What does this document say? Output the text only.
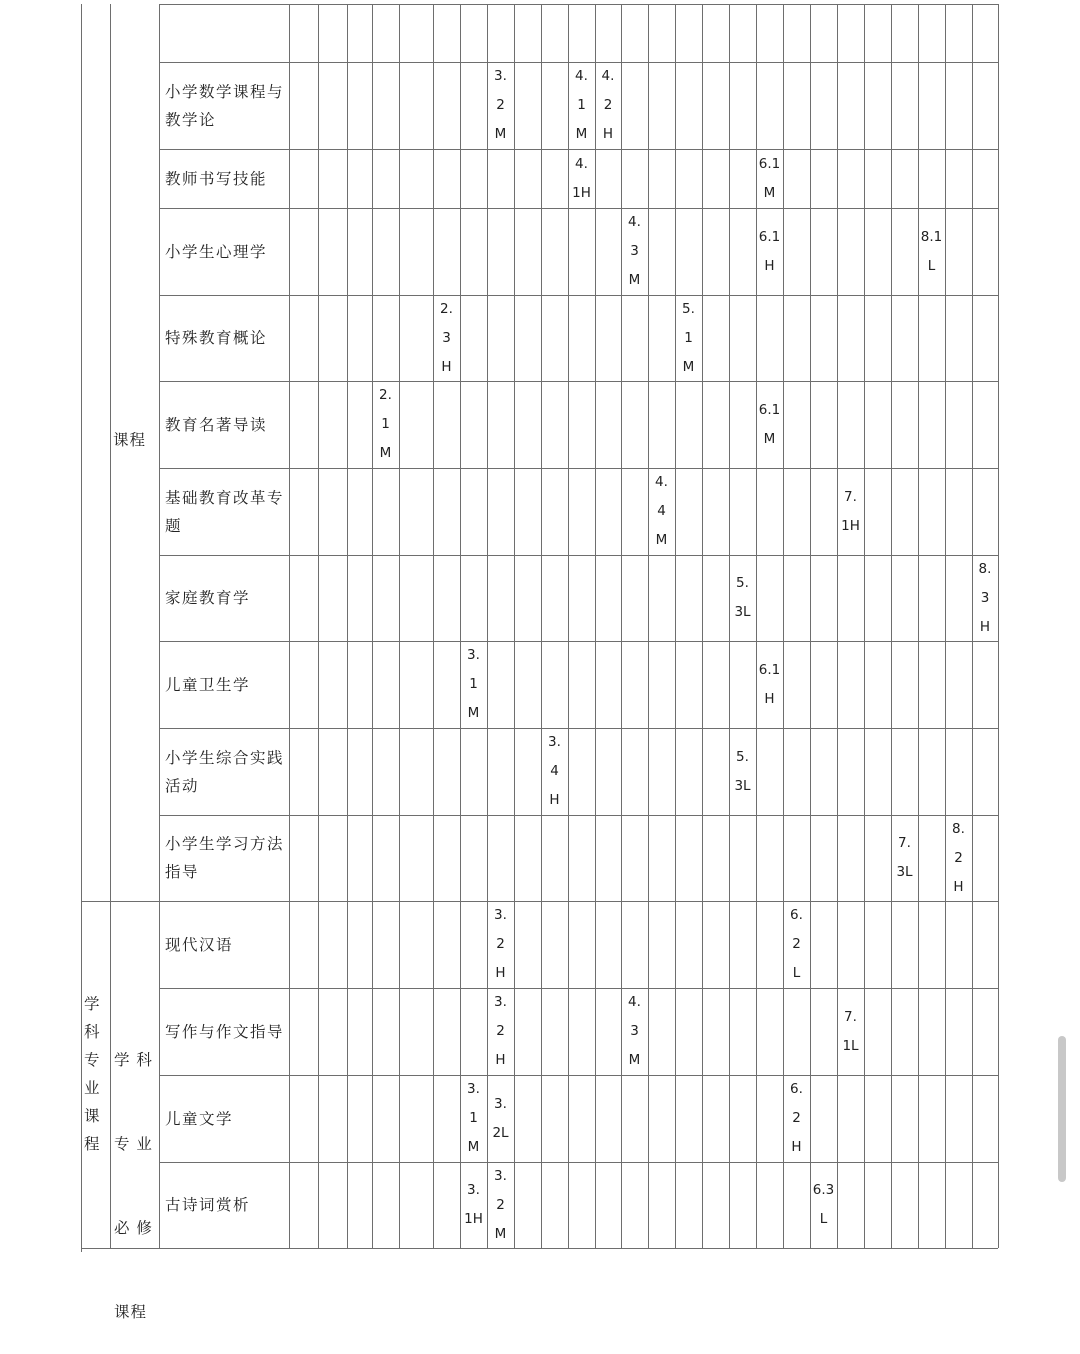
小学数学课程与教学论
3.
2
M
4.
1
M
4.
2
H
教师书写技能
4.
1H
6.1
M
小学生心理学
4.
3
M
6.1
H
8.1
L
特殊教育概论
2.
3
H
5.
1
M
教育名著导读
2.
1
M
6.1
M
基础教育改革专题
4.
4
M
7.
1H
家庭教育学
5.
3L
8.
3
H
儿童卫生学
3.
1
M
6.1
H
小学生综合实践活动
3.
4
H
5.
3L
小学生学习方法指导
7.
3L
8.
2
H
现代汉语
3.
2
H
6.
2
L
写作与作文指导
3.
2
H
4.
3
M
7.
1L
儿童文学
3.
1
M
3.
2L
6.
2
H
古诗词赏析
3.
1H
3.
2
M
6.3
L
课程
学
科
专
业
课
程

学 科

专 业

必 修

课程
